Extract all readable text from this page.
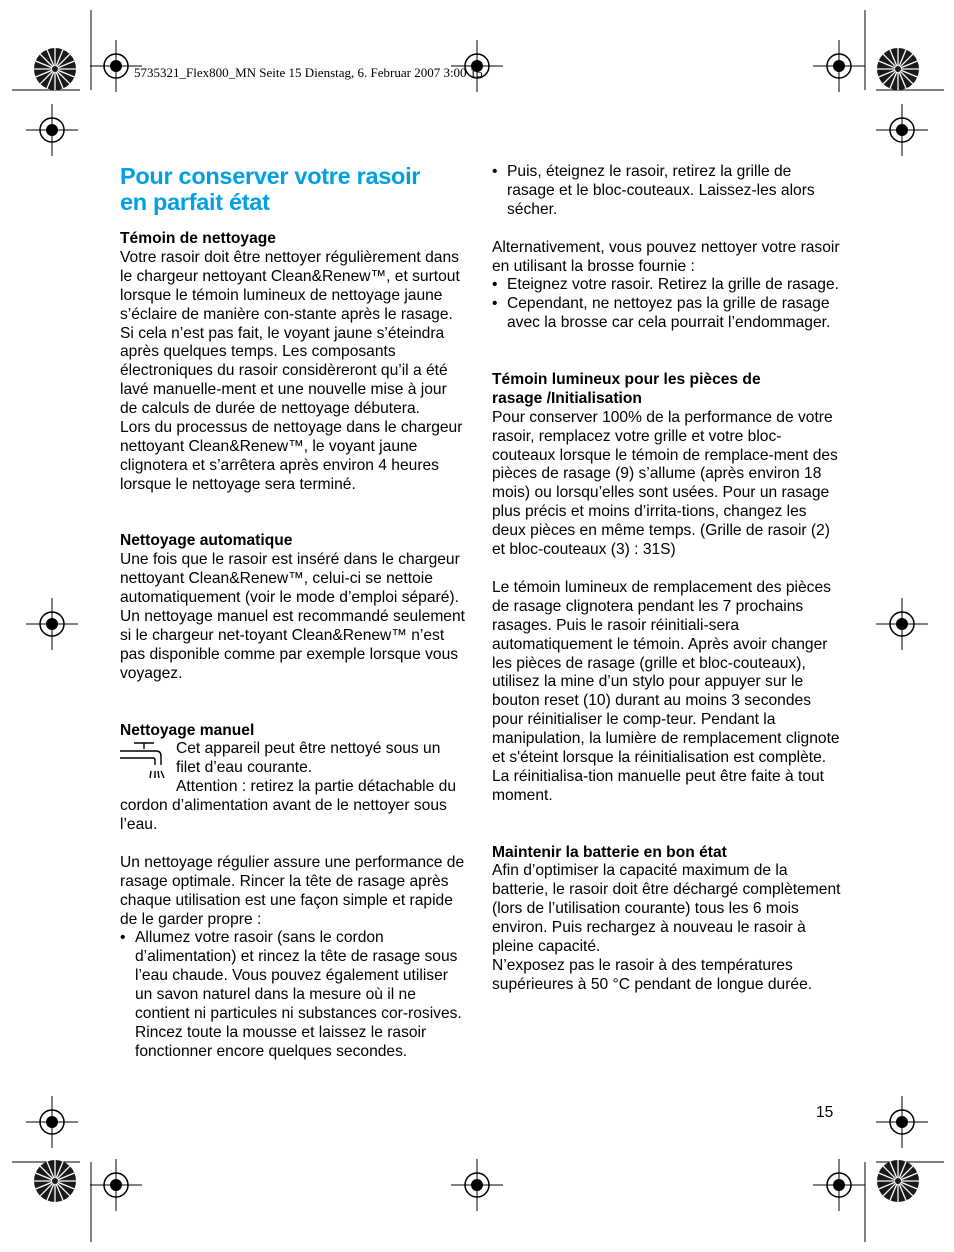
5735321_Flex800_MN Seite 15 Dienstag, 6. Februar 2007 3:00 15

Pour conserver votre rasoir
en parfait état

Témoin de nettoyage

Votre rasoir doit être nettoyer régulièrement dans le chargeur nettoyant Clean&Renew™, et surtout lorsque le témoin lumineux de nettoyage jaune s’éclaire de manière con-stante après le rasage. Si cela n’est pas fait, le voyant jaune s’éteindra après quelques temps. Les composants électroniques du rasoir considèreront qu’il a été lavé manuelle-ment et une nouvelle mise à jour de calculs de durée de nettoyage débutera.

Lors du processus de nettoyage dans le chargeur nettoyant Clean&Renew™, le voyant jaune clignotera et s’arrêtera après environ 4 heures lorsque le nettoyage sera terminé.

Nettoyage automatique

Une fois que le rasoir est inséré dans le chargeur nettoyant Clean&Renew™, celui-ci se nettoie automatiquement (voir le mode d’emploi séparé). Un nettoyage manuel est recommandé seulement si le chargeur net-toyant Clean&Renew™ n’est pas disponible comme par exemple lorsque vous voyagez.

Nettoyage manuel

Cet appareil peut être nettoyé sous un filet d’eau courante.

Attention : retirez la partie détachable du cordon d’alimentation avant de le nettoyer sous l’eau.

Un nettoyage régulier assure une performance de rasage optimale. Rincer la tête de rasage après chaque utilisation est une façon simple et rapide de le garder propre :

• Allumez votre rasoir (sans le cordon d’alimentation) et rincez la tête de rasage sous l’eau chaude. Vous pouvez également utiliser un savon naturel dans la mesure où il ne contient ni particules ni substances cor-rosives. Rincez toute la mousse et laissez le rasoir fonctionner encore quelques secondes.
• Puis, éteignez le rasoir, retirez la grille de rasage et le bloc-couteaux. Laissez-les alors sécher.

Alternativement, vous pouvez nettoyer votre rasoir en utilisant la brosse fournie :

• Eteignez votre rasoir. Retirez la grille de rasage.
• Cependant, ne nettoyez pas la grille de rasage avec la brosse car cela pourrait l’endommager.

Témoin lumineux pour les pièces de
rasage /Initialisation

Pour conserver 100% de la performance de votre rasoir, remplacez votre grille et votre bloc-couteaux lorsque le témoin de remplace-ment des pièces de rasage (9) s’allume (après environ 18 mois) ou lorsqu’elles sont usées. Pour un rasage plus précis et moins d’irrita-tions, changez les deux pièces en même temps. (Grille de rasoir (2) et bloc-couteaux (3) : 31S)

Le témoin lumineux de remplacement des pièces de rasage clignotera pendant les 7 prochains rasages. Puis le rasoir réinitiali-sera automatiquement le témoin. Après avoir changer les pièces de rasage (grille et bloc-couteaux), utilisez la mine d’un stylo pour appuyer sur le bouton reset (10) durant au moins 3 secondes pour réinitialiser le comp-teur. Pendant la manipulation, la lumière de remplacement clignote et s'éteint lorsque la réinitialisation est complète. La réinitialisa-tion manuelle peut être faite à tout moment.

Maintenir la batterie en bon état

Afin d’optimiser la capacité maximum de la batterie, le rasoir doit être déchargé complètement (lors de l’utilisation courante) tous les 6 mois environ. Puis rechargez à nouveau le rasoir à pleine capacité.

N’exposez pas le rasoir à des températures supérieures à 50 °C pendant de longue durée.

15
